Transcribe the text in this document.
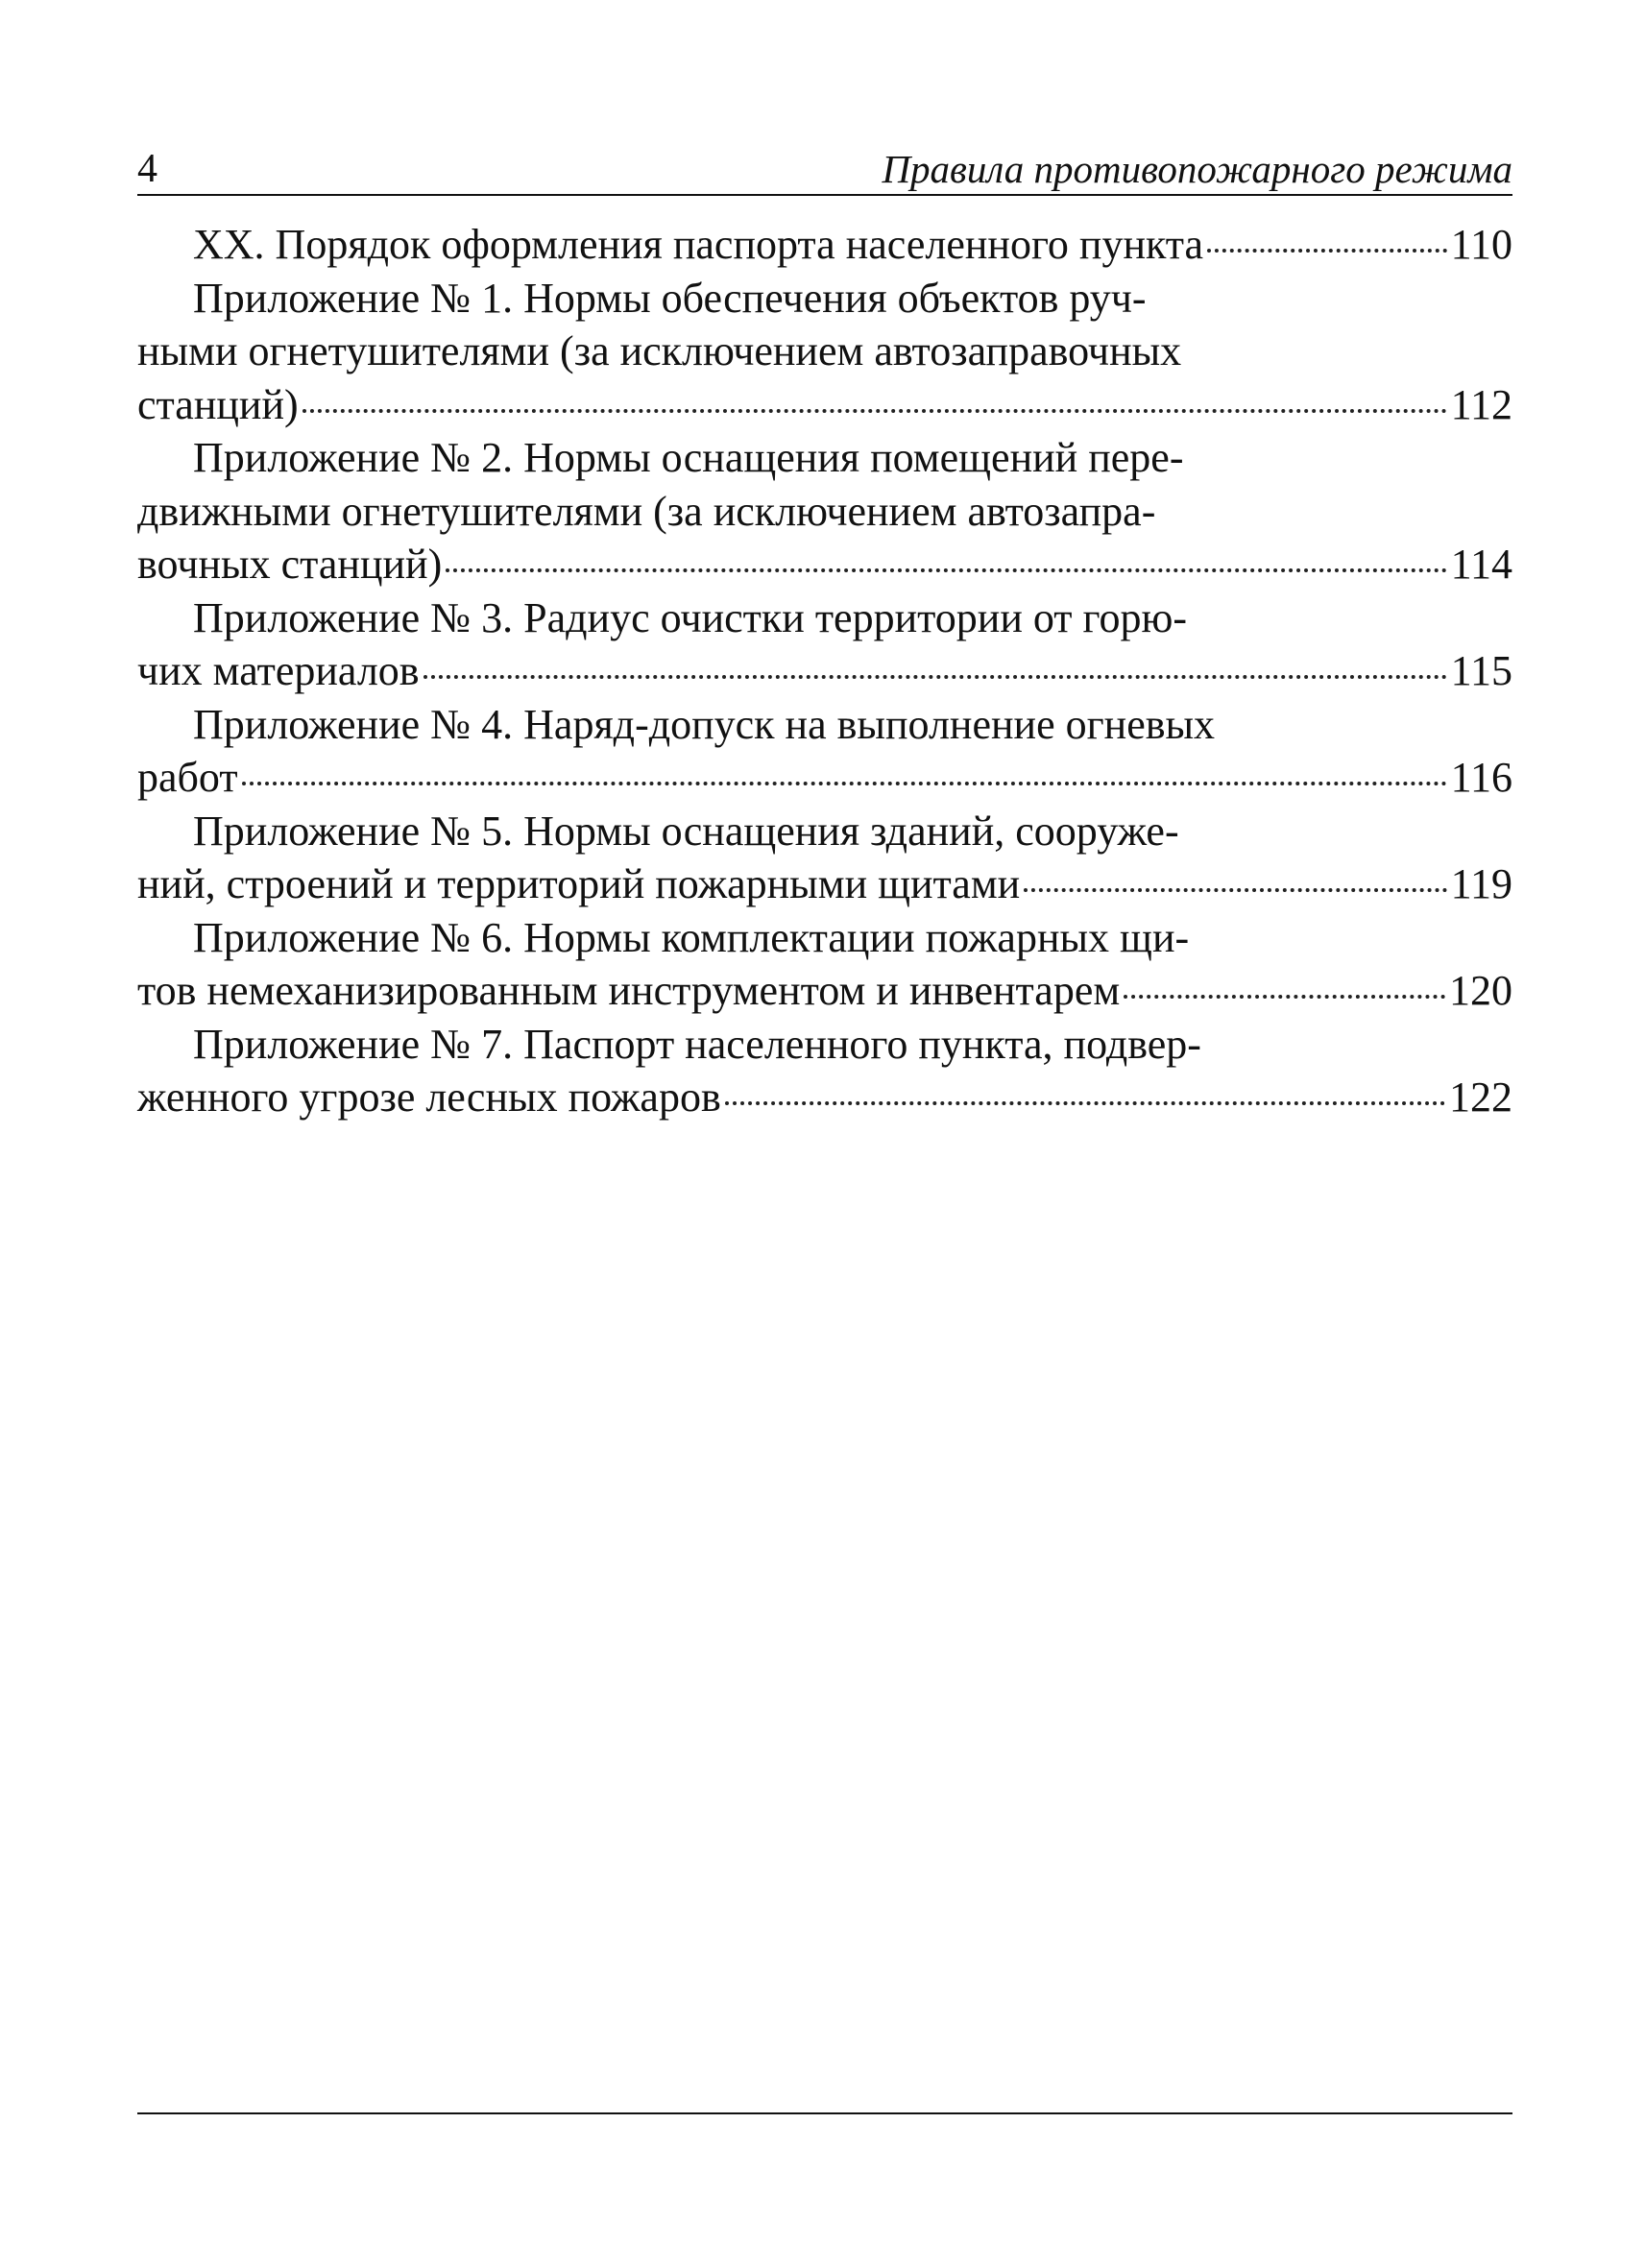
4	Правила противопожарного режима
XX. Порядок оформления паспорта населенного пункта	110
Приложение № 1. Нормы обеспечения объектов руч-
ными огнетушителями (за исключением автозаправочных
станций)	112
Приложение № 2. Нормы оснащения помещений пере-
движными огнетушителями (за исключением автозапра-
вочных станций)	114
Приложение № 3. Радиус очистки территории от горю-
чих материалов	115
Приложение № 4. Наряд-допуск на выполнение огневых
работ	116
Приложение № 5. Нормы оснащения зданий, сооруже-
ний, строений и территорий пожарными щитами	119
Приложение № 6. Нормы комплектации пожарных щи-
тов немеханизированным инструментом и инвентарем	120
Приложение № 7. Паспорт населенного пункта, подвер-
женного угрозе лесных пожаров	122
